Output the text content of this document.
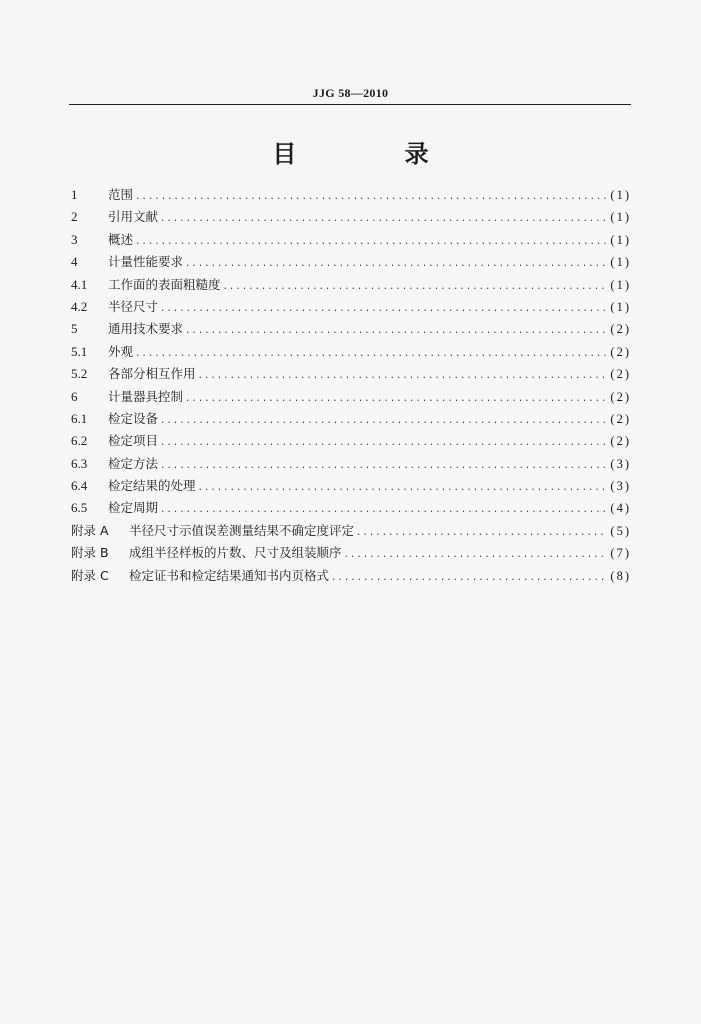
JJG 58—2010
目 录
1	范围 .....	(1)
2	引用文献 .....	(1)
3	概述 .....	(1)
4	计量性能要求 .....	(1)
4.1	工作面的表面粗糙度 .....	(1)
4.2	半径尺寸 .....	(1)
5	通用技术要求 .....	(2)
5.1	外观 .....	(2)
5.2	各部分相互作用 .....	(2)
6	计量器具控制 .....	(2)
6.1	检定设备 .....	(2)
6.2	检定项目 .....	(2)
6.3	检定方法 .....	(3)
6.4	检定结果的处理 .....	(3)
6.5	检定周期 .....	(4)
附录 A	半径尺寸示值误差测量结果不确定度评定 .....	(5)
附录 B	成组半径样板的片数、尺寸及组装顺序 .....	(7)
附录 C	检定证书和检定结果通知书内页格式 .....	(8)
